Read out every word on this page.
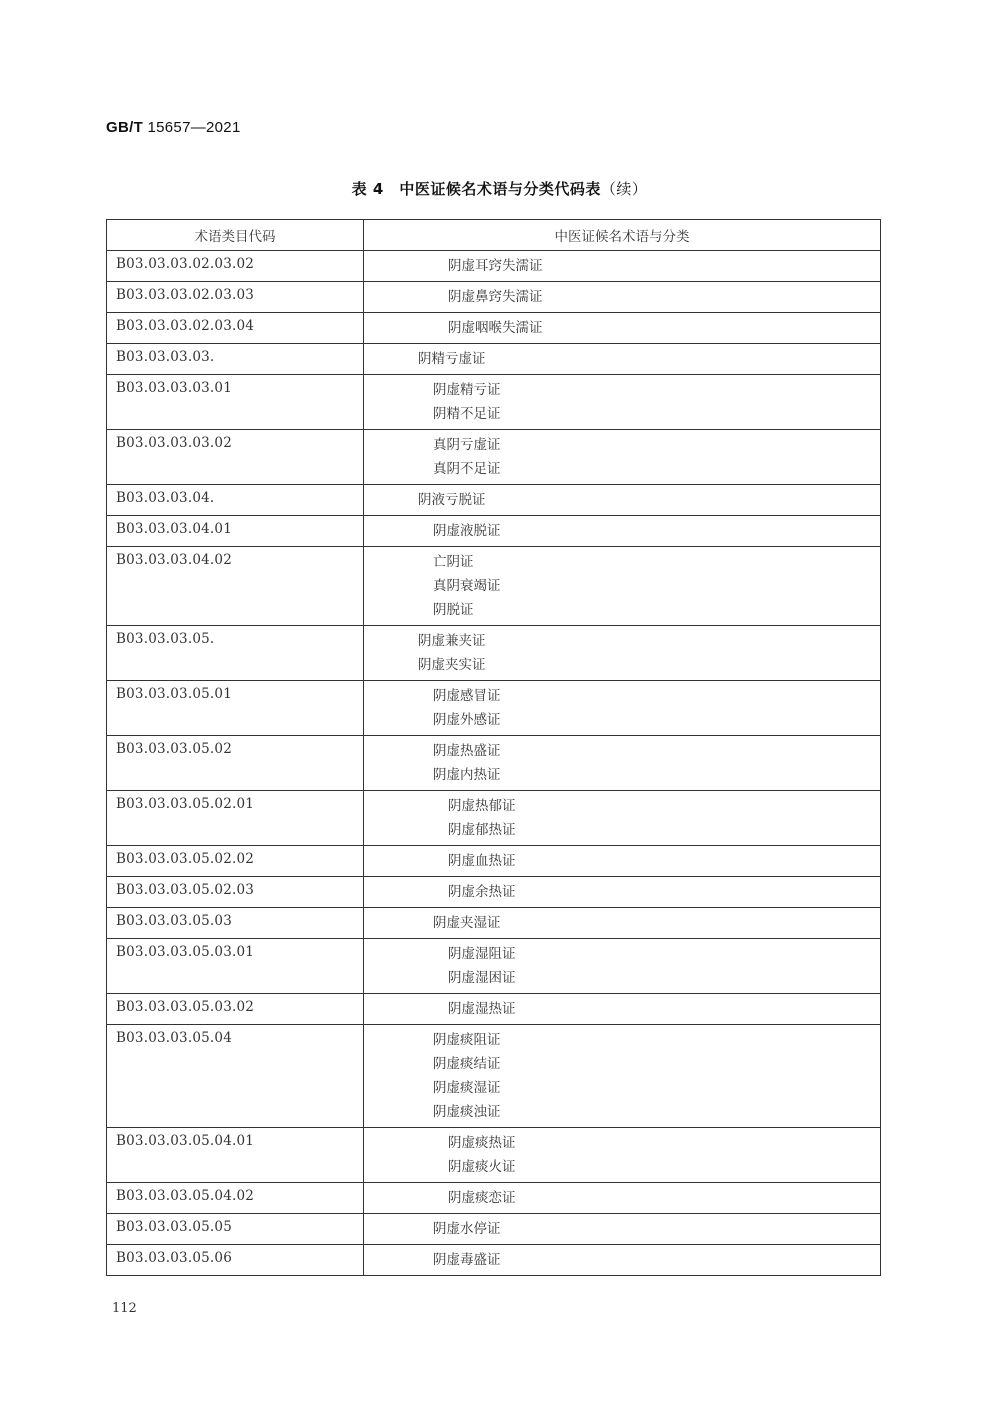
GB/T 15657—2021
表 4　中医证候名术语与分类代码表（续）
术语类目代码	中医证候名术语与分类
B03.03.03.02.03.02	阴虚耳窍失濡证

B03.03.03.02.03.03	阴虚鼻窍失濡证

B03.03.03.02.03.04	阴虚咽喉失濡证

B03.03.03.03.	阴精亏虚证

B03.03.03.03.01	阴虚精亏证
阴精不足证

B03.03.03.03.02	真阴亏虚证
真阴不足证

B03.03.03.04.	阴液亏脱证

B03.03.03.04.01	阴虚液脱证

B03.03.03.04.02	亡阴证
真阴衰竭证
阴脱证

B03.03.03.05.	阴虚兼夹证
阴虚夹实证

B03.03.03.05.01	阴虚感冒证
阴虚外感证

B03.03.03.05.02	阴虚热盛证
阴虚内热证

B03.03.03.05.02.01	阴虚热郁证
阴虚郁热证

B03.03.03.05.02.02	阴虚血热证

B03.03.03.05.02.03	阴虚余热证

B03.03.03.05.03	阴虚夹湿证

B03.03.03.05.03.01	阴虚湿阻证
阴虚湿困证

B03.03.03.05.03.02	阴虚湿热证

B03.03.03.05.04	阴虚痰阻证
阴虚痰结证
阴虚痰湿证
阴虚痰浊证

B03.03.03.05.04.01	阴虚痰热证
阴虚痰火证

B03.03.03.05.04.02	阴虚痰恋证

B03.03.03.05.05	阴虚水停证

B03.03.03.05.06	阴虚毒盛证
112
